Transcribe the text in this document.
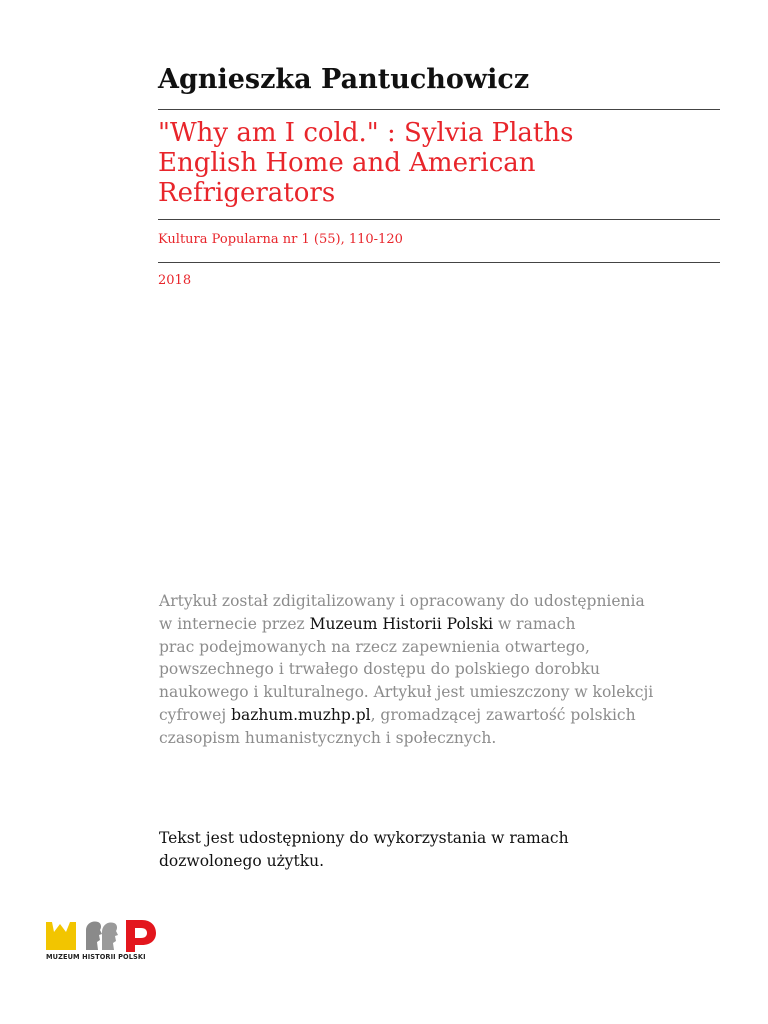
Agnieszka Pantuchowicz
"Why am I cold." : Sylvia Plaths
English Home and American
Refrigerators
Kultura Popularna nr 1 (55), 110-120
2018
Artykuł został zdigitalizowany i opracowany do udostępnienia
w internecie przez Muzeum Historii Polski w ramach
prac podejmowanych na rzecz zapewnienia otwartego,
powszechnego i trwałego dostępu do polskiego dorobku
naukowego i kulturalnego. Artykuł jest umieszczony w kolekcji
cyfrowej bazhum.muzhp.pl, gromadzącej zawartość polskich
czasopism humanistycznych i społecznych.
Tekst jest udostępniony do wykorzystania w ramach
dozwolonego użytku.
MUZEUM HISTORII POLSKI
